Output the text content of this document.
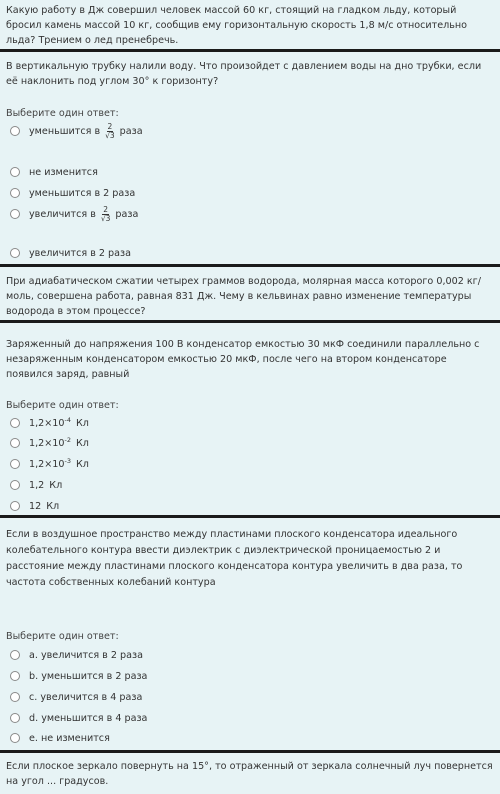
Какую работу в Дж совершил человек массой 60 кг, стоящий на гладком льду, который бросил камень массой 10 кг, сообщив ему горизонтальную скорость 1,8 м/с относительно льда? Трением о лед пренебречь.
В вертикальную трубку налили воду. Что произойдет с давлением воды на дно трубки, если её наклонить под углом 30° к горизонту?
Выберите один ответ:
уменьшится в $\frac{2}{√3}$ раза
не изменится
уменьшится в 2 раза
увеличится в $\frac{2}{√3}$ раза
увеличится в 2 раза
При адиабатическом сжатии четырех граммов водорода, молярная масса которого 0,002 кг/моль, совершена работа, равная 831 Дж. Чему в кельвинах равно изменение температуры водорода в этом процессе?
Заряженный до напряжения 100 В конденсатор емкостью 30 мкФ соединили параллельно с незаряженным конденсатором емкостью 20 мкФ, после чего на втором конденсаторе появился заряд, равный
Выберите один ответ:
$1,2\times 10^{-4}$ Кл
$1,2\times 10^{-2}$ Кл
$1,2\times 10^{-3}$ Кл
1,2 Кл
12 Кл
Если в воздушное пространство между пластинами плоского конденсатора идеального колебательного контура ввести диэлектрик с диэлектрической проницаемостью 2 и расстояние между пластинами плоского конденсатора контура увеличить в два раза, то частота собственных колебаний контура
Выберите один ответ:
a. увеличится в 2 раза
b. уменьшится в 2 раза
c. увеличится в 4 раза
d. уменьшится в 4 раза
e. не изменится
Если плоское зеркало повернуть на 15°, то отраженный от зеркала солнечный луч повернется на угол ... градусов.
